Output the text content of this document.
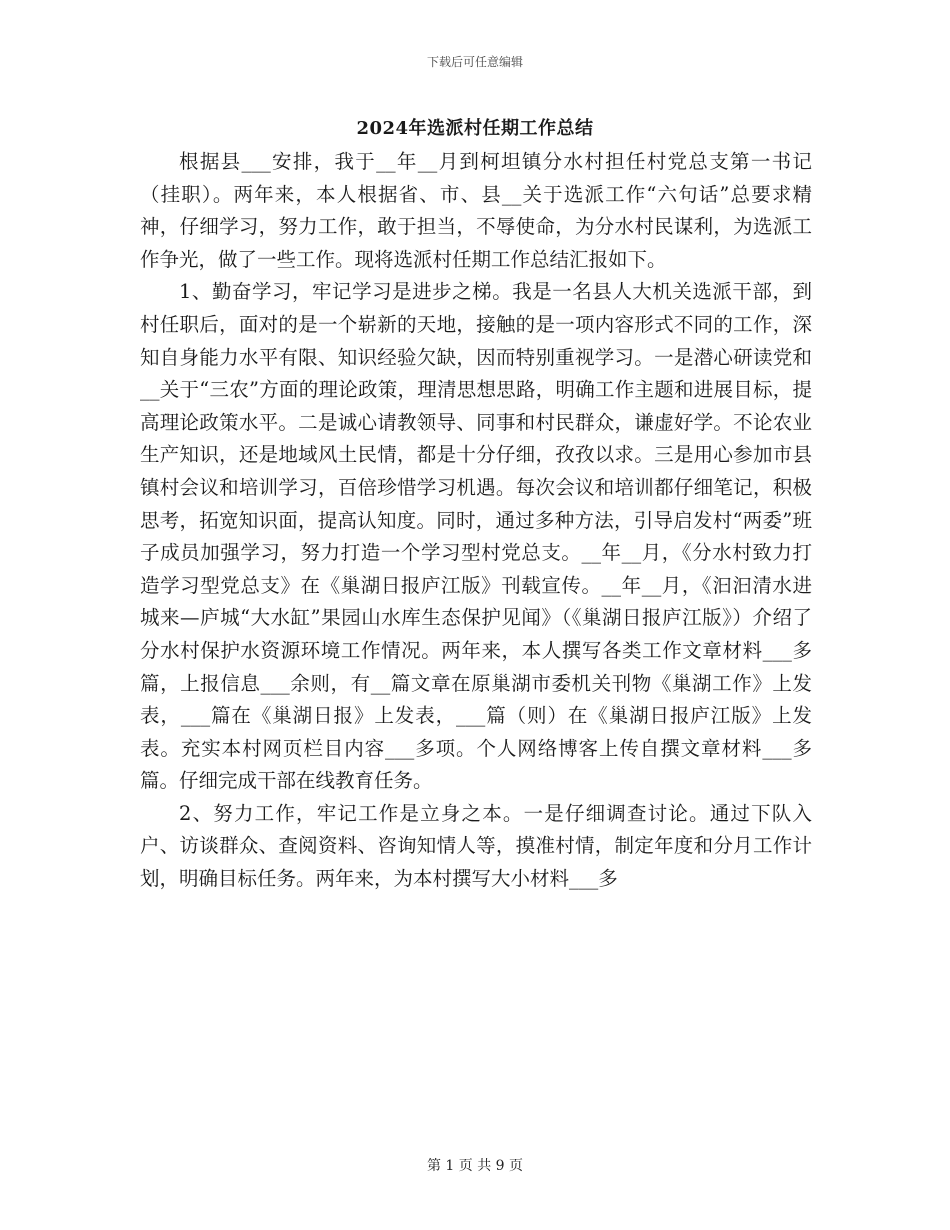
下载后可任意编辑
2024年选派村任期工作总结

根据县___安排，我于__年__月到柯坦镇分水村担任村党总支第一书记（挂职）。两年来，本人根据省、市、县__关于选派工作“六句话”总要求精神，仔细学习，努力工作，敢于担当，不辱使命，为分水村民谋利，为选派工作争光，做了一些工作。现将选派村任期工作总结汇报如下。

1、勤奋学习，牢记学习是进步之梯。我是一名县人大机关选派干部，到村任职后，面对的是一个崭新的天地，接触的是一项内容形式不同的工作，深知自身能力水平有限、知识经验欠缺，因而特别重视学习。一是潜心研读党和__关于“三农”方面的理论政策，理清思想思路，明确工作主题和进展目标，提高理论政策水平。二是诚心请教领导、同事和村民群众，谦虚好学。不论农业生产知识，还是地域风土民情，都是十分仔细，孜孜以求。三是用心参加市县镇村会议和培训学习，百倍珍惜学习机遇。每次会议和培训都仔细笔记，积极思考，拓宽知识面，提高认知度。同时，通过多种方法，引导启发村“两委”班子成员加强学习，努力打造一个学习型村党总支。__年__月，《分水村致力打造学习型党总支》在《巢湖日报庐江版》刊载宣传。__年__月，《汩汩清水进城来—庐城“大水缸”果园山水库生态保护见闻》（《巢湖日报庐江版》）介绍了分水村保护水资源环境工作情况。两年来，本人撰写各类工作文章材料___多篇，上报信息___余则，有__篇文章在原巢湖市委机关刊物《巢湖工作》上发表，___篇在《巢湖日报》上发表，___篇（则）在《巢湖日报庐江版》上发表。充实本村网页栏目内容___多项。个人网络博客上传自撰文章材料___多篇。仔细完成干部在线教育任务。

2、努力工作，牢记工作是立身之本。一是仔细调查讨论。通过下队入户、访谈群众、查阅资料、咨询知情人等，摸准村情，制定年度和分月工作计划，明确目标任务。两年来，为本村撰写大小材料___多

第 1 页 共 9 页
